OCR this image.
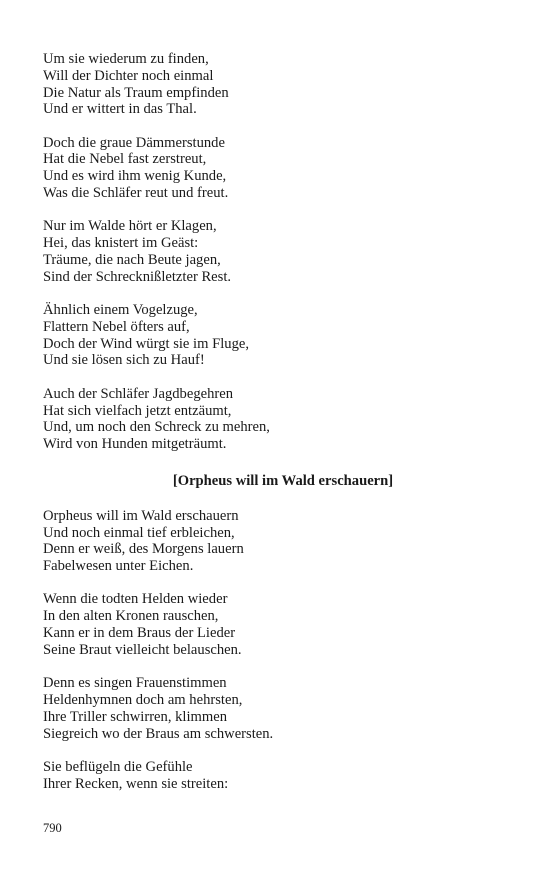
Um sie wiederum zu finden,
Will der Dichter noch einmal
Die Natur als Traum empfinden
Und er wittert in das Thal.
Doch die graue Dämmerstunde
Hat die Nebel fast zerstreut,
Und es wird ihm wenig Kunde,
Was die Schläfer reut und freut.
Nur im Walde hört er Klagen,
Hei, das knistert im Geäst:
Träume, die nach Beute jagen,
Sind der Schrecknißletzter Rest.
Ähnlich einem Vogelzuge,
Flattern Nebel öfters auf,
Doch der Wind würgt sie im Fluge,
Und sie lösen sich zu Hauf!
Auch der Schläfer Jagdbegehren
Hat sich vielfach jetzt entzäumt,
Und, um noch den Schreck zu mehren,
Wird von Hunden mitgeträumt.
[Orpheus will im Wald erschauern]
Orpheus will im Wald erschauern
Und noch einmal tief erbleichen,
Denn er weiß, des Morgens lauern
Fabelwesen unter Eichen.
Wenn die todten Helden wieder
In den alten Kronen rauschen,
Kann er in dem Braus der Lieder
Seine Braut vielleicht belauschen.
Denn es singen Frauenstimmen
Heldenhymnen doch am hehrsten,
Ihre Triller schwirren, klimmen
Siegreich wo der Braus am schwersten.
Sie beflügeln die Gefühle
Ihrer Recken, wenn sie streiten:
790
